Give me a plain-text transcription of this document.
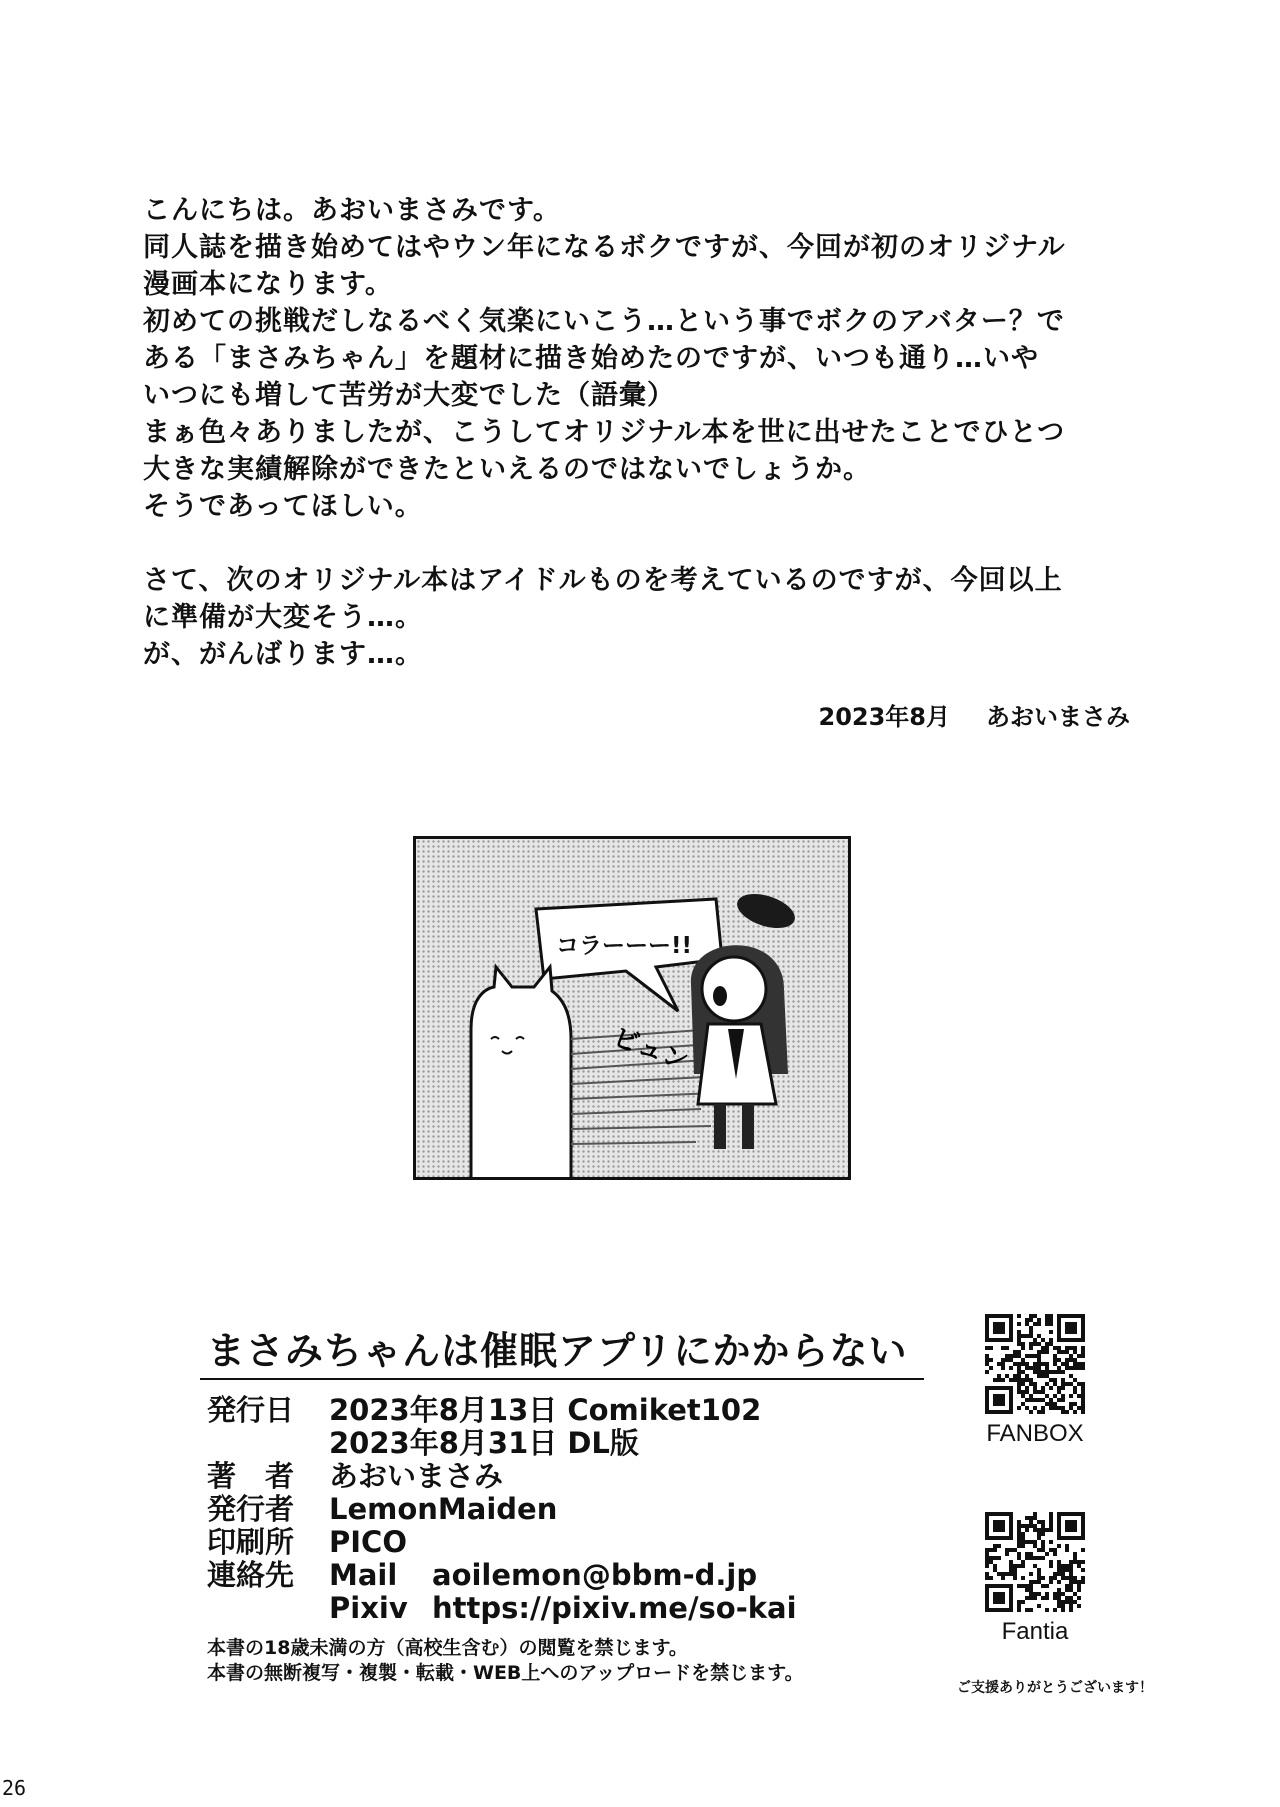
こんにちは。あおいまさみです。
同人誌を描き始めてはやウン年になるボクですが、今回が初のオリジナル
漫画本になります。
初めての挑戦だしなるべく気楽にいこう…という事でボクのアバター？で
ある「まさみちゃん」を題材に描き始めたのですが、いつも通り…いや
いつにも増して苦労が大変でした（語彙）
まぁ色々ありましたが、こうしてオリジナル本を世に出せたことでひとつ
大きな実績解除ができたといえるのではないでしょうか。
そうであってほしい。
さて、次のオリジナル本はアイドルものを考えているのですが、今回以上
に準備が大変そう…。
が、がんばります…。
2023年8月 あおいまさみ
ビュン
コラーーー!!
まさみちゃんは催眠アプリにかからない
発行日	2023年8月13日 Comiket102
2023年8月31日 DL版
著　者	あおいまさみ
発行者	LemonMaiden
印刷所	PICO
連絡先	Mail aoilemon@bbm-d.jp
Pixiv https://pixiv.me/so-kai
本書の18歳未満の方（高校生含む）の閲覧を禁じます。
本書の無断複写・複製・転載・WEB上へのアップロードを禁じます。
FANBOX
Fantia
ご支援ありがとうございます！
26
